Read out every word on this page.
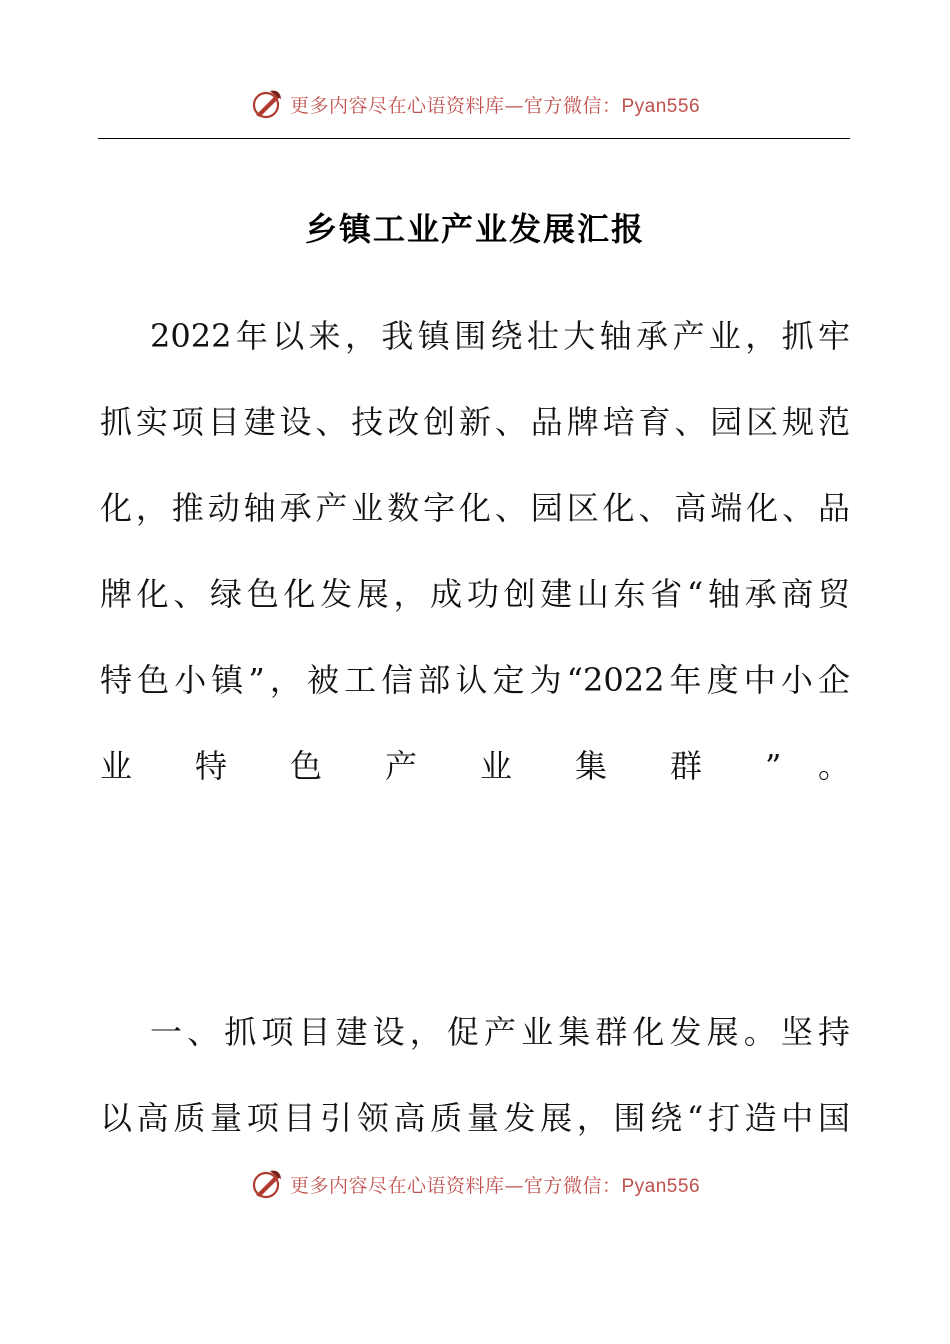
更多内容尽在心语资料库—官方微信：Pyan556
乡镇工业产业发展汇报
2022年以来，我镇围绕壮大轴承产业，抓牢
抓实项目建设、技改创新、品牌培育、园区规范
化，推动轴承产业数字化、园区化、高端化、品
牌化、绿色化发展，成功创建山东省“轴承商贸
特色小镇”，被工信部认定为“2022年度中小企
业 特 色 产 业 集 群 ” 。
一、抓项目建设，促产业集群化发展。坚持
以高质量项目引领高质量发展，围绕“打造中国
更多内容尽在心语资料库—官方微信：Pyan556
